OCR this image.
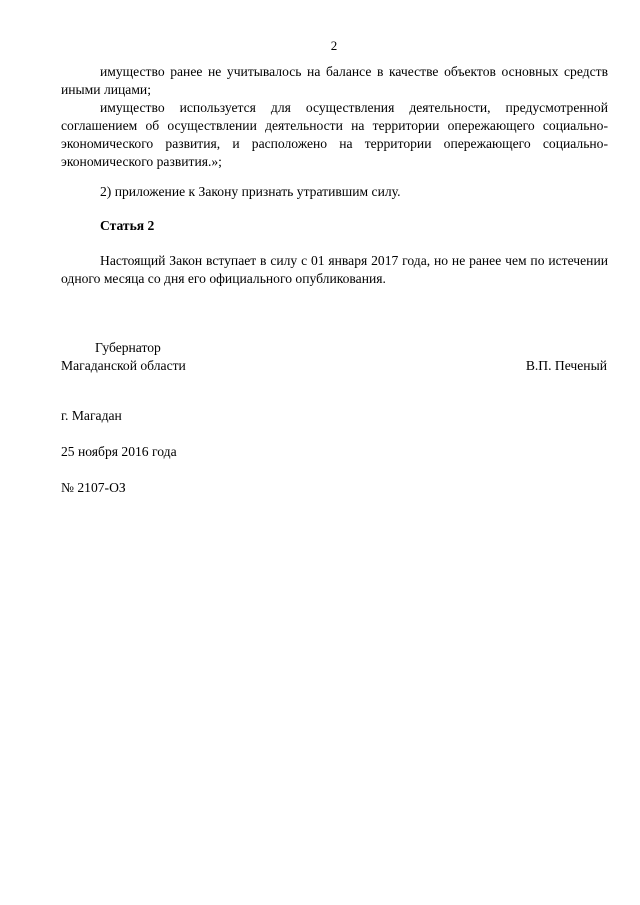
2

имущество ранее не учитывалось на балансе в качестве объектов основных средств иными лицами;

имущество используется для осуществления деятельности, предусмотренной соглашением об осуществлении деятельности на территории опережающего социально-экономического развития, и расположено на территории опережающего социально-экономического развития.»;

2) приложение к Закону признать утратившим силу.

Статья 2

Настоящий Закон вступает в силу с 01 января 2017 года, но не ранее чем по истечении одного месяца со дня его официального опубликования.

Губернатор

Магаданской области	В.П. Печеный

г. Магадан

25 ноября 2016 года

№ 2107-ОЗ
